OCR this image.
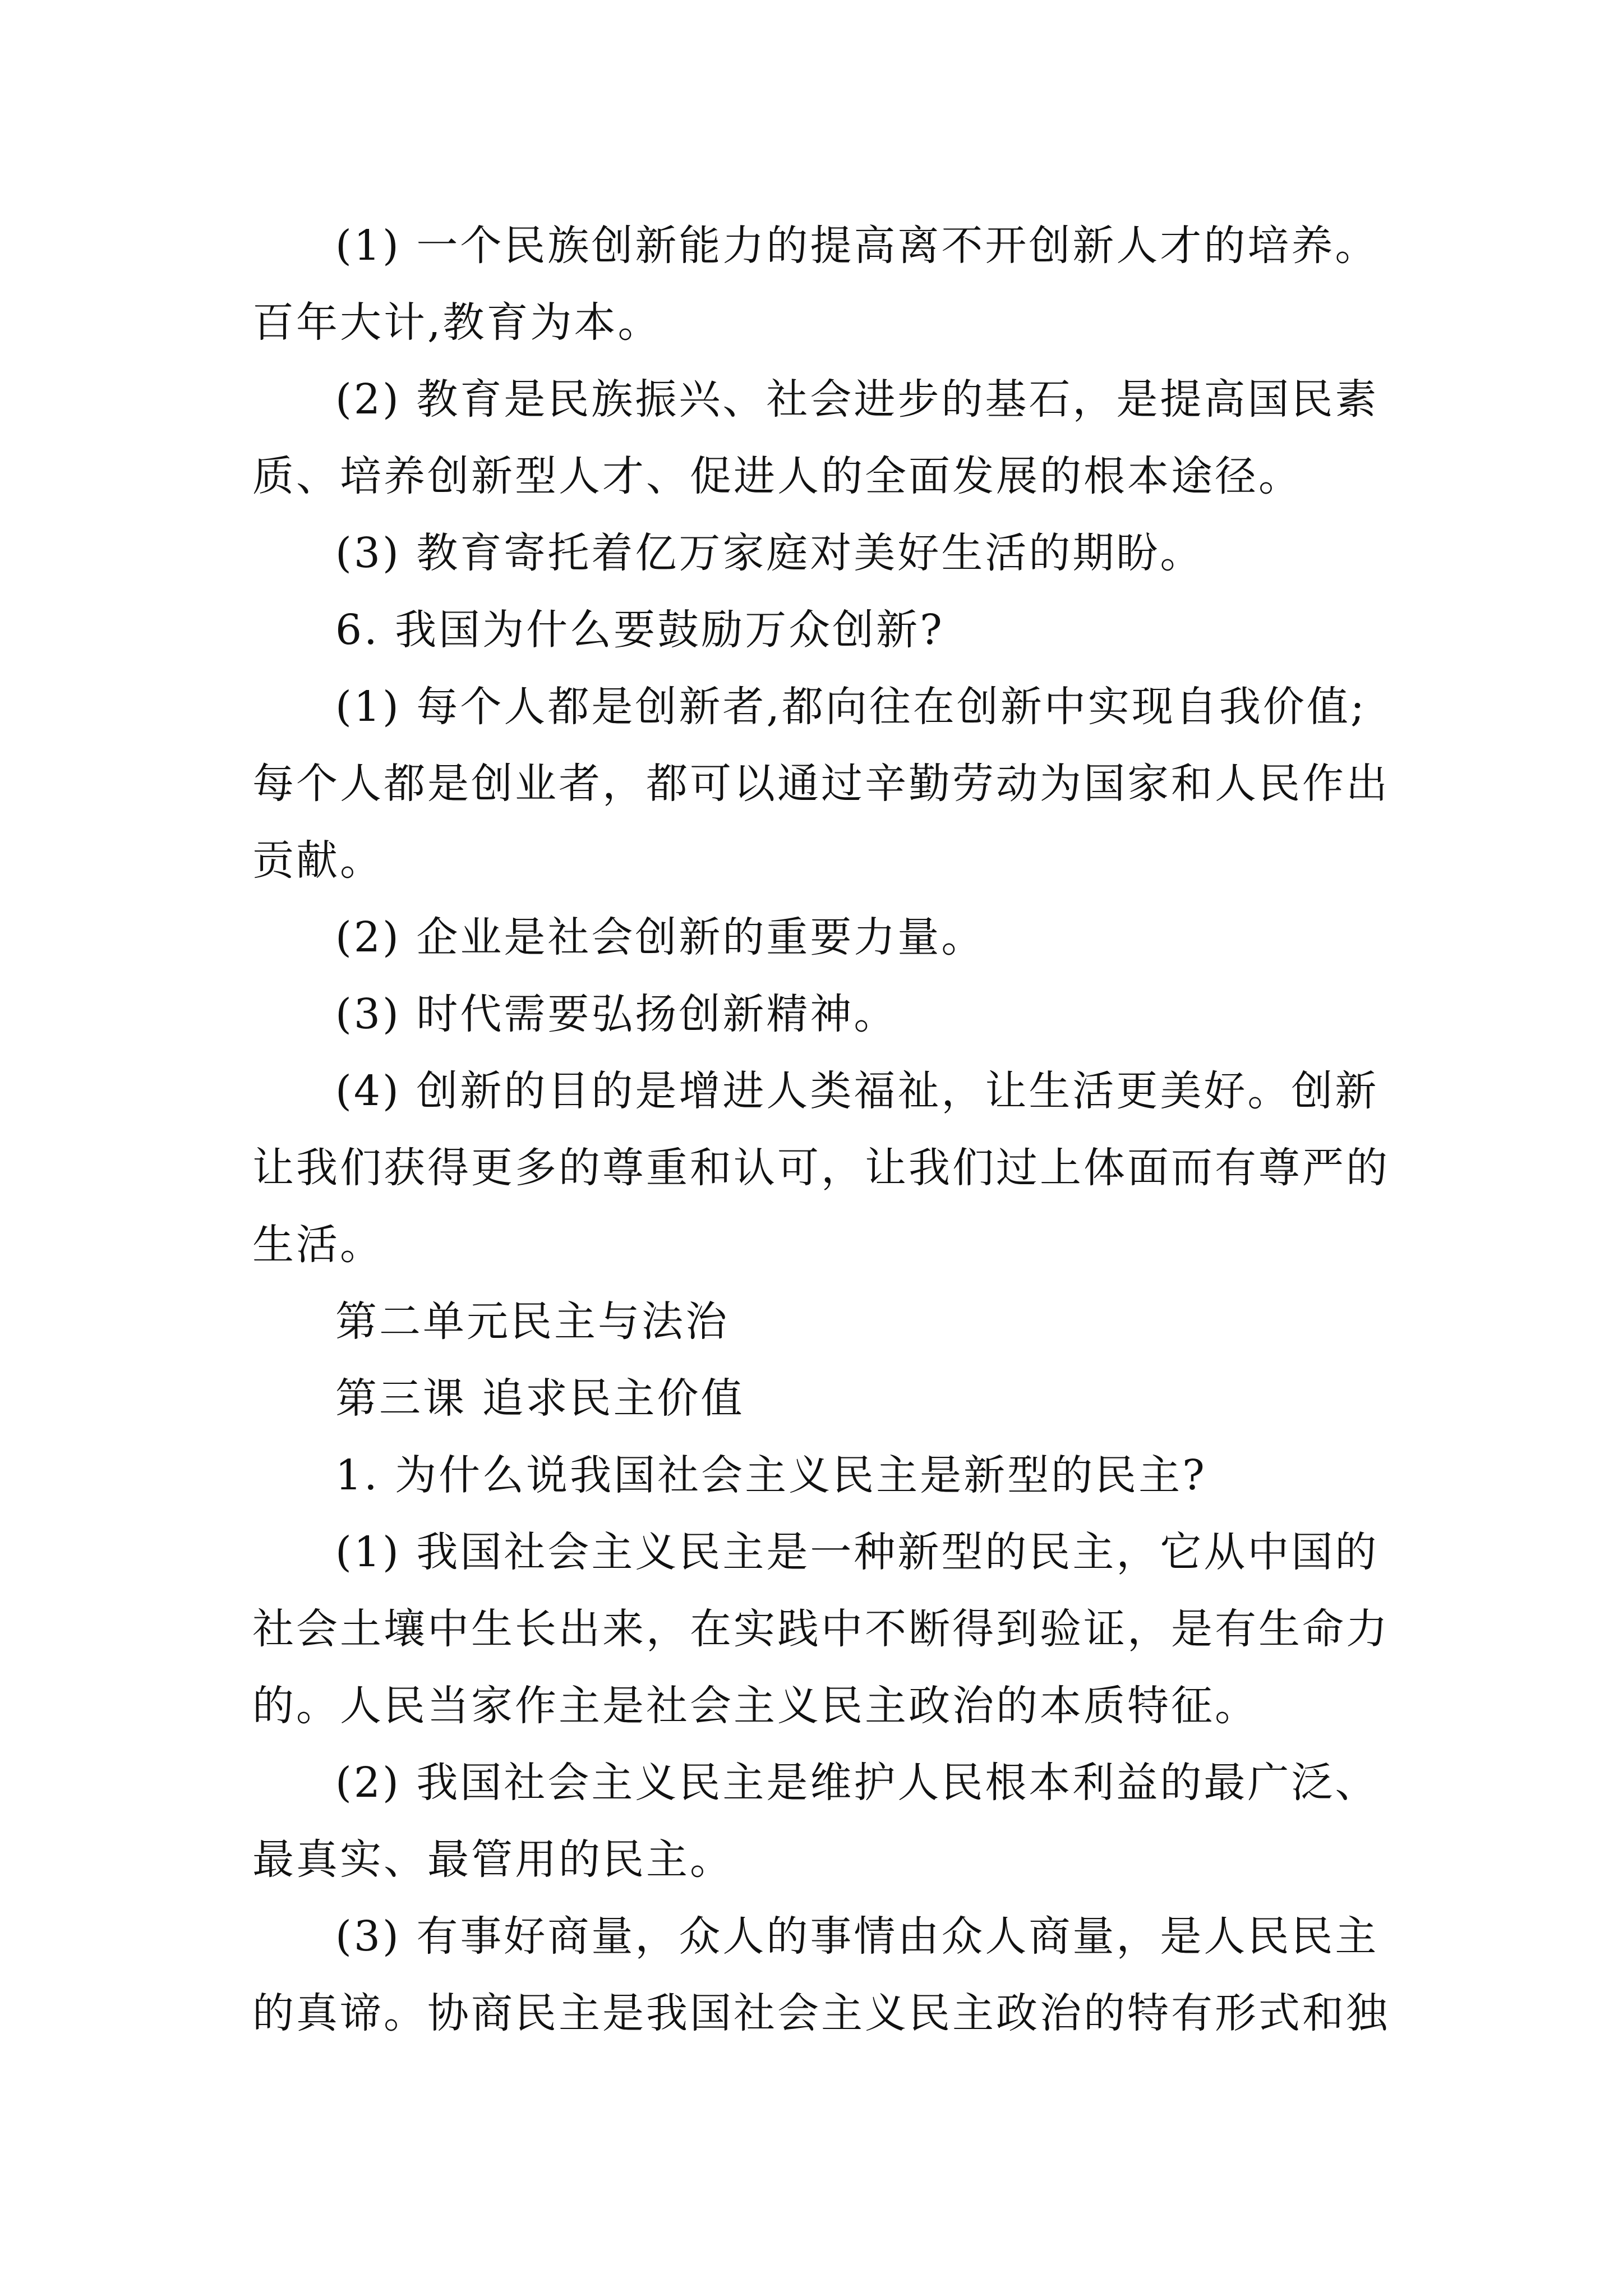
(1) 一个民族创新能力的提高离不开创新人才的培养。
百年大计,教育为本。
(2) 教育是民族振兴、社会进步的基石，是提高国民素
质、培养创新型人才、促进人的全面发展的根本途径。
(3) 教育寄托着亿万家庭对美好生活的期盼。
6. 我国为什么要鼓励万众创新?
(1) 每个人都是创新者,都向往在创新中实现自我价值;
每个人都是创业者，都可以通过辛勤劳动为国家和人民作出
贡献。
(2) 企业是社会创新的重要力量。
(3) 时代需要弘扬创新精神。
(4) 创新的目的是增进人类福祉，让生活更美好。创新
让我们获得更多的尊重和认可，让我们过上体面而有尊严的
生活。
第二单元民主与法治
第三课 追求民主价值
1. 为什么说我国社会主义民主是新型的民主?
(1) 我国社会主义民主是一种新型的民主，它从中国的
社会土壤中生长出来，在实践中不断得到验证，是有生命力
的。人民当家作主是社会主义民主政治的本质特征。
(2) 我国社会主义民主是维护人民根本利益的最广泛、
最真实、最管用的民主。
(3) 有事好商量，众人的事情由众人商量，是人民民主
的真谛。协商民主是我国社会主义民主政治的特有形式和独
